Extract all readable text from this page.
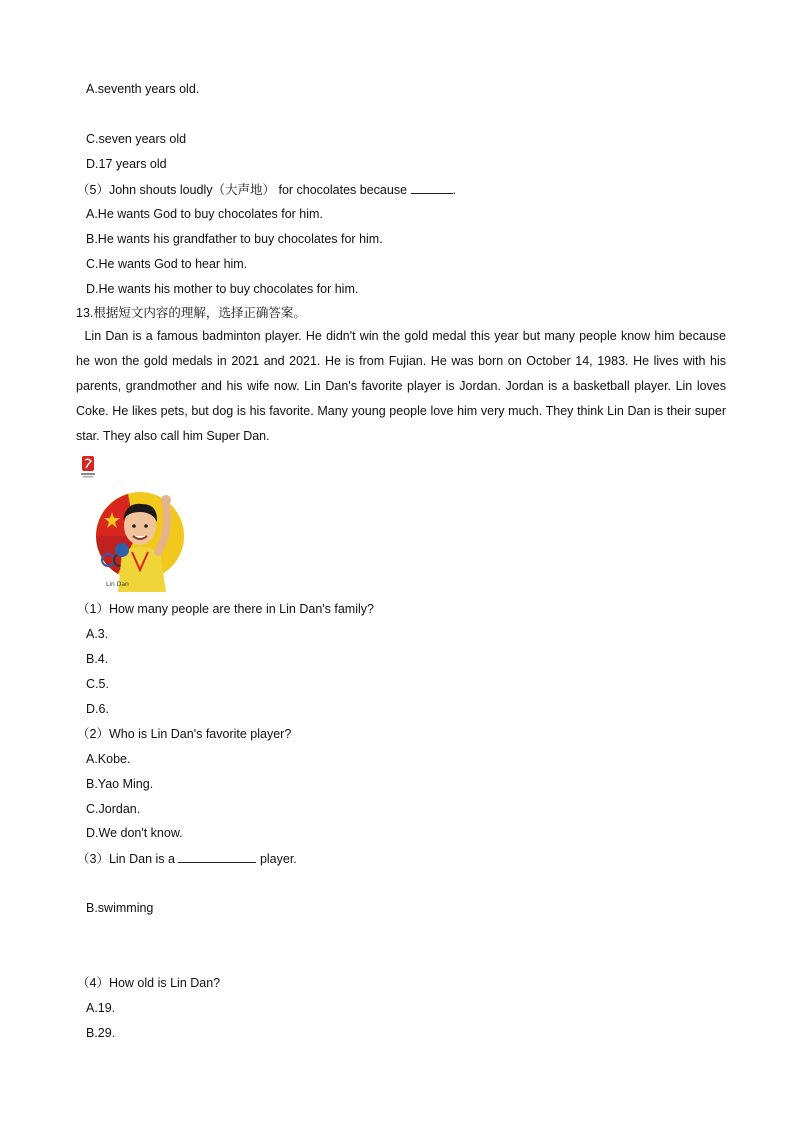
A.seventh years old.
C.seven years old
D.17 years old
（5）John shouts loudly（大声地） for chocolates because	.
A.He wants God to buy chocolates for him.
B.He wants his grandfather to buy chocolates for him.
C.He wants God to hear him.
D.He wants his mother to buy chocolates for him.
13.根据短文内容的理解，选择正确答案。
Lin Dan is a famous badminton player. He didn't win the gold medal this year but many people know him because he won the gold medals in 2021 and 2021. He is from Fujian. He was born on October 14, 1983. He lives with his parents, grandmother and his wife now. Lin Dan's favorite player is Jordan. Jordan is a basketball player. Lin loves Coke. He likes pets, but dog is his favorite. Many young people love him very much. They think Lin Dan is their super star. They also call him Super Dan.
Lin Dan
（1）How many people are there in Lin Dan's family?
A.3.
B.4.
C.5.
D.6.
（2）Who is Lin Dan's favorite player?
A.Kobe.
B.Yao Ming.
C.Jordan.
D.We don't know.
（3）Lin Dan is a	player.
B.swimming
（4）How old is Lin Dan?
A.19.
B.29.
